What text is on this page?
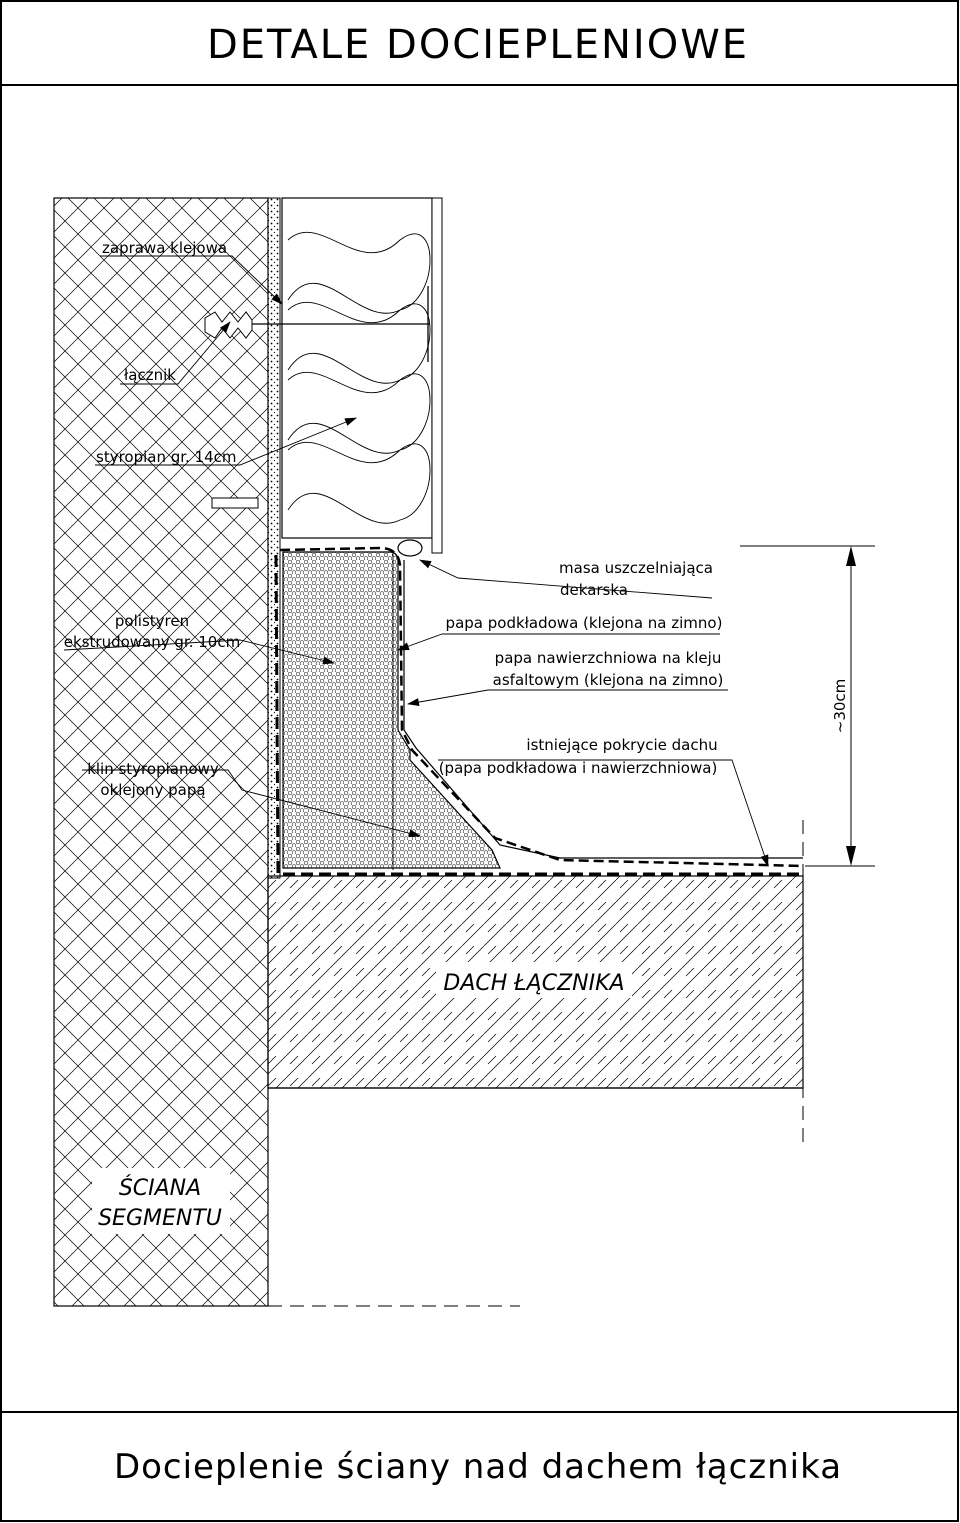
DETALE DOCIEPLENIOWE
Docieplenie ściany nad dachem łącznika
~30cm
zaprawa klejowa
łącznik
styropian gr. 14cm
polistyren
ekstrudowany gr. 10cm
klin styropianowy
oklejony papą
masa uszczelniająca
dekarska
papa podkładowa (klejona na zimno)
papa nawierzchniowa na kleju
asfaltowym (klejona na zimno)
istniejące pokrycie dachu
(papa podkładowa i nawierzchniowa)
DACH ŁĄCZNIKA
ŚCIANA
SEGMENTU
